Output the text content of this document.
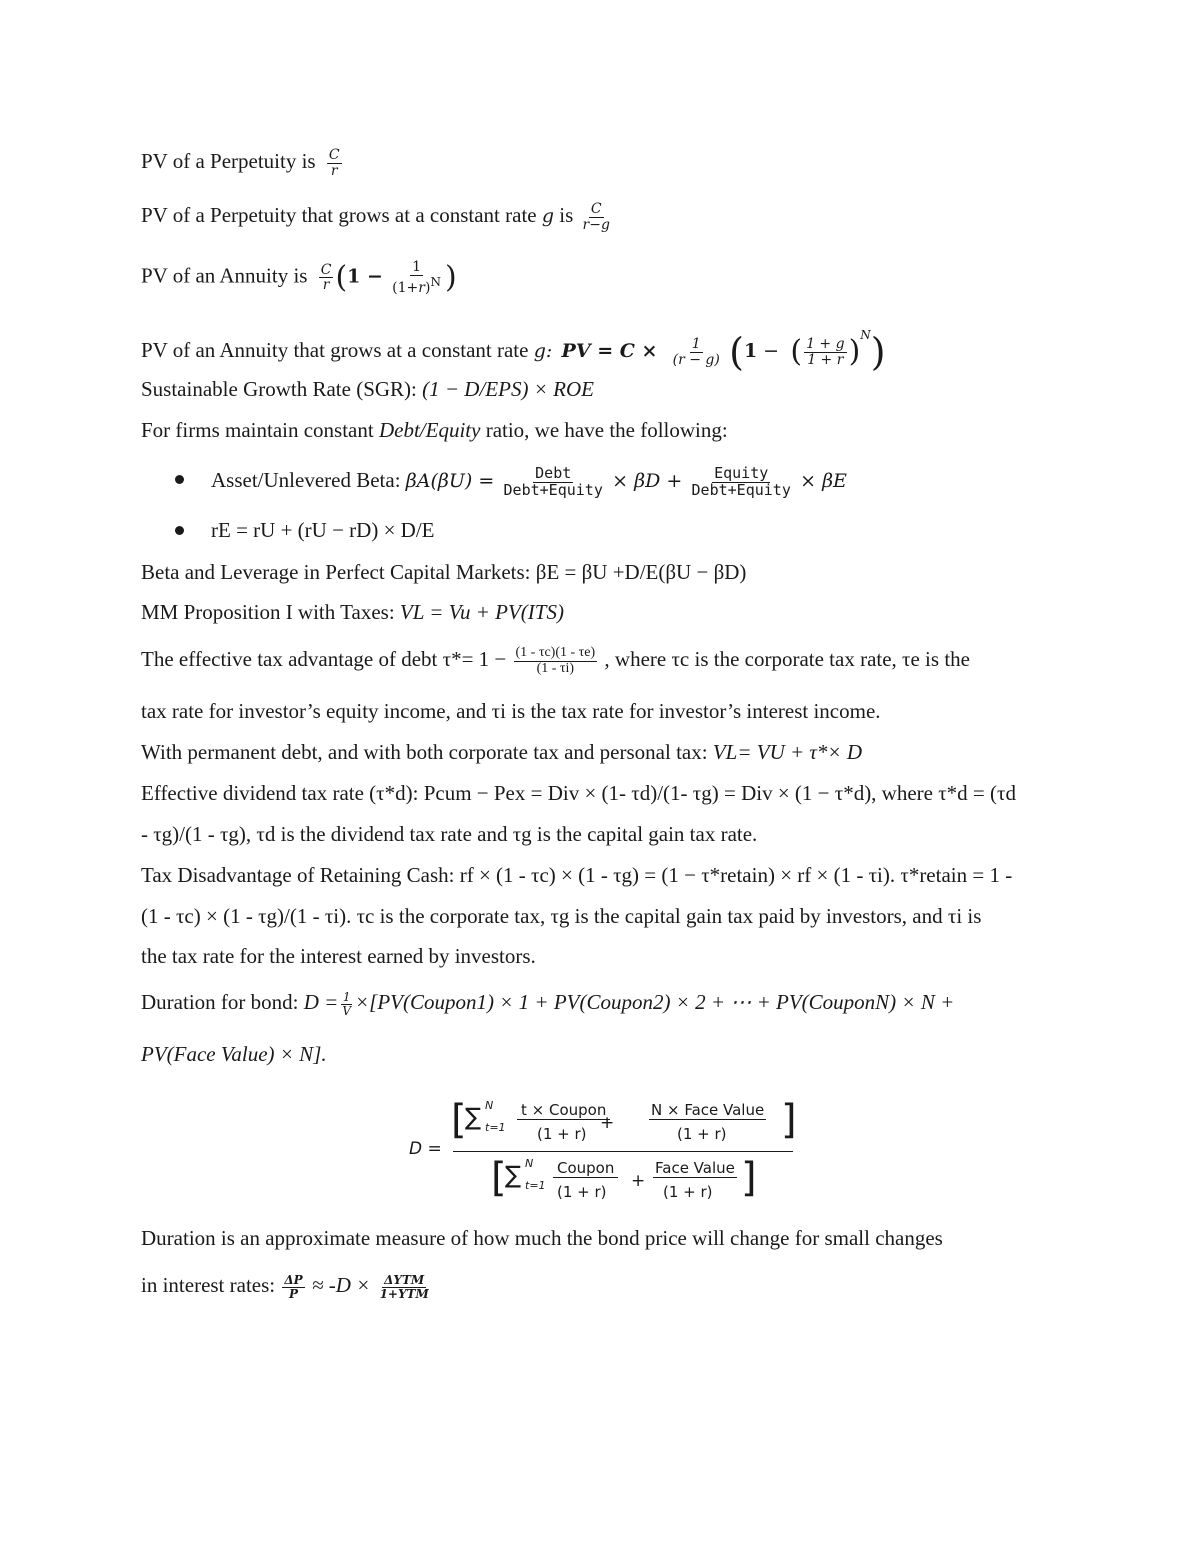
PV of a Perpetuity is $\frac{C}{r}$
PV of a Perpetuity that grows at a constant rate g is $\frac{C}{r-g}$
PV of an Annuity is $\frac{C}{r} (1 - \frac{1}{(1+r)N}$ )
PV of an Annuity that grows at a constant rate g: PV = $C \times \frac{1}{(r - g)} (1$ − ( $\frac{1 + g}{1 + r} )^N$)
Sustainable Growth Rate (SGR): (1 − D/EPS) × ROE
For firms maintain constant Debt/Equity ratio, we have the following:
Asset/Unlevered Beta: $\beta A(\beta U) = \frac{\text{Debt}}{\text{Debt+Equity}} \times \beta D + \frac{\text{Equity}}{\text{Debt+Equity}} \times \beta E$
rE = rU + (rU − rD) × D/E
Beta and Leverage in Perfect Capital Markets: βE = βU +D/E(βU − βD)
MM Proposition I with Taxes: VL = Vu + PV(ITS)
The effective tax advantage of debt $\tau*= 1 - \frac{(1 - \tau c)(1 - \tau e)}{(1 - \tau i)}$ , where τc is the corporate tax rate, τe is the
tax rate for investor’s equity income, and τi is the tax rate for investor’s interest income.
With permanent debt, and with both corporate tax and personal tax: VL= VU + τ*× D
Effective dividend tax rate (τ*d): Pcum − Pex = Div × (1- τd)/(1- τg) = Div × (1 − τ*d), where τ*d = (τd
- τg)/(1 - τg), τd is the dividend tax rate and τg is the capital gain tax rate.
Tax Disadvantage of Retaining Cash: rf × (1 - τc) × (1 - τg) = (1 − τ*retain) × rf × (1 - τi). τ*retain = 1 -
(1 - τc) × (1 - τg)/(1 - τi). τc is the corporate tax, τg is the capital gain tax paid by investors, and τi is
the tax rate for the interest earned by investors.
Duration for bond: $D = \frac{1}{V}$ ×[PV(Coupon1) × 1 + PV(Coupon2) × 2 + ⋯ + PV(CouponN) × N +
PV(Face Value) × N].
D =
[
∑ N
t=1
t × Coupon
(1 + r)
+
N × Face Value
(1 + r) ]
[
∑ N
t=1
Coupon
(1 + r)
+
Face Value
(1 + r) ]
Duration is an approximate measure of how much the bond price will change for small changes
in interest rates: $\frac{\Delta P}{P} \approx -D \times \frac{\text{ΔYTM}}{\text{1+YTM}}$
